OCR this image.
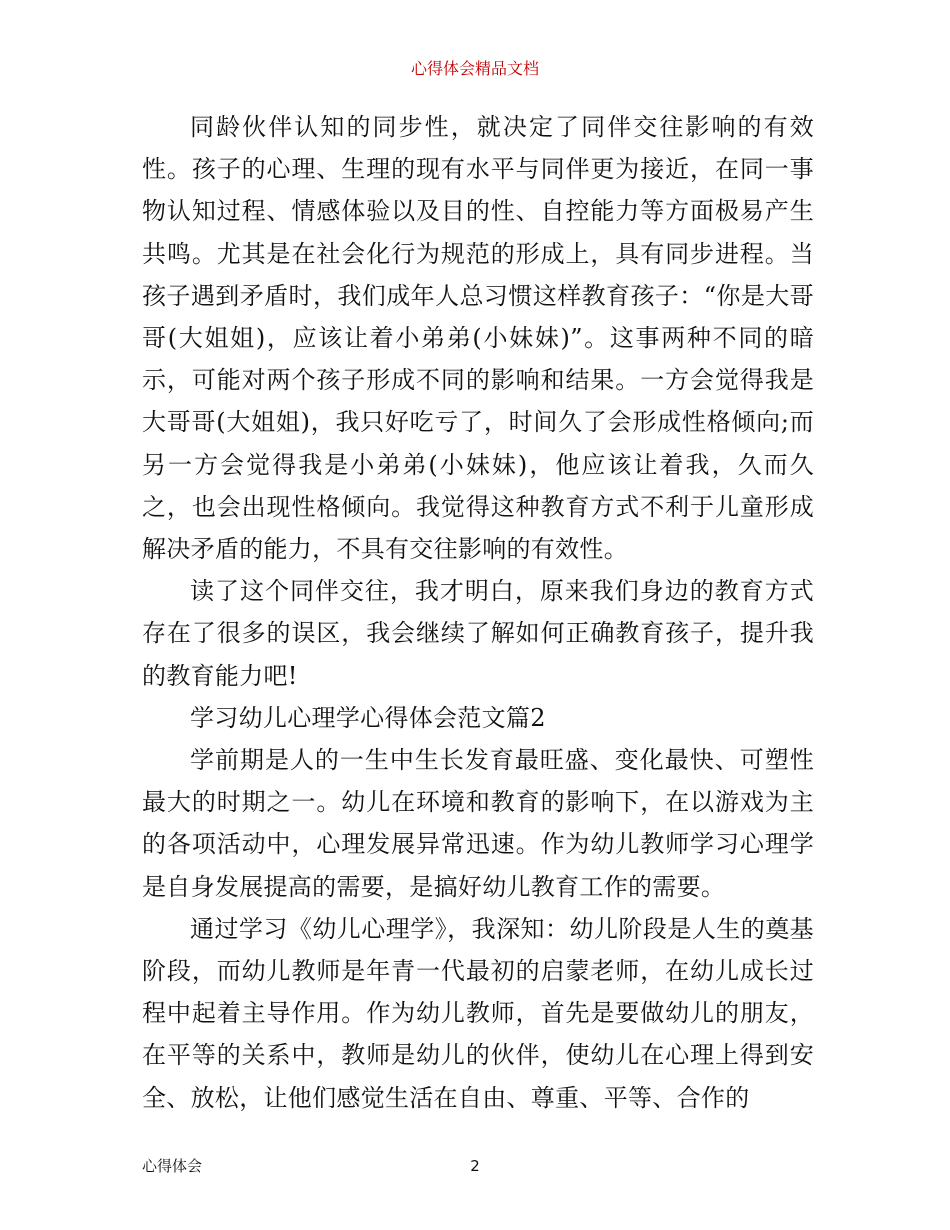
心得体会精品文档

同龄伙伴认知的同步性，就决定了同伴交往影响的有效性。孩子的心理、生理的现有水平与同伴更为接近，在同一事物认知过程、情感体验以及目的性、自控能力等方面极易产生共鸣。尤其是在社会化行为规范的形成上，具有同步进程。当孩子遇到矛盾时，我们成年人总习惯这样教育孩子：“你是大哥哥(大姐姐)，应该让着小弟弟(小妹妹)”。这事两种不同的暗示，可能对两个孩子形成不同的影响和结果。一方会觉得我是大哥哥(大姐姐)，我只好吃亏了，时间久了会形成性格倾向;而另一方会觉得我是小弟弟(小妹妹)，他应该让着我，久而久之，也会出现性格倾向。我觉得这种教育方式不利于儿童形成解决矛盾的能力，不具有交往影响的有效性。

读了这个同伴交往，我才明白，原来我们身边的教育方式存在了很多的误区，我会继续了解如何正确教育孩子，提升我的教育能力吧!

学习幼儿心理学心得体会范文篇2

学前期是人的一生中生长发育最旺盛、变化最快、可塑性最大的时期之一。幼儿在环境和教育的影响下，在以游戏为主的各项活动中，心理发展异常迅速。作为幼儿教师学习心理学是自身发展提高的需要，是搞好幼儿教育工作的需要。

通过学习《幼儿心理学》，我深知：幼儿阶段是人生的奠基阶段，而幼儿教师是年青一代最初的启蒙老师，在幼儿成长过程中起着主导作用。作为幼儿教师，首先是要做幼儿的朋友，在平等的关系中，教师是幼儿的伙伴，使幼儿在心理上得到安全、放松，让他们感觉生活在自由、尊重、平等、合作的

心得体会	2
